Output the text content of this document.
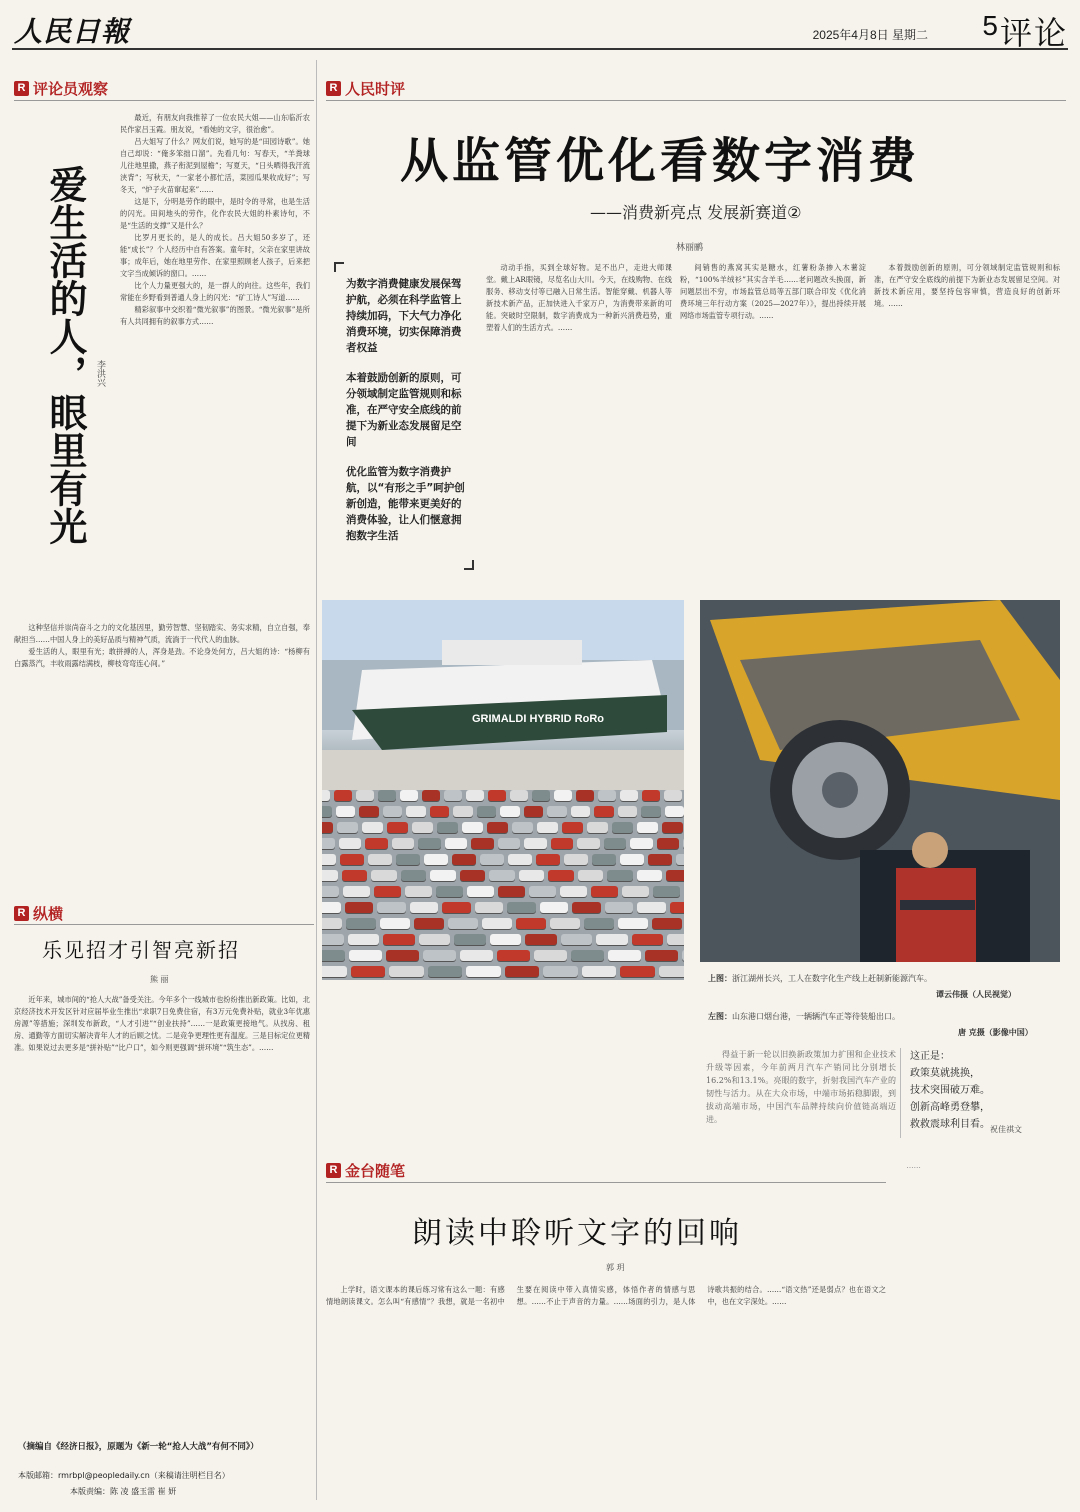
人民日報	2025年4月8日 星期二 5 评论
R 评论员观察
爱生活的人，眼里有光 李洪兴

最近，有朋友向我推荐了一位农民大姐——山东临沂农民作家吕玉霞。朋友说，“看她的文字，很治愈”。

吕大姐写了什么？网友们说，她写的是“田园诗歌”。她自己却说：“俺多笨拙口溜”。先看几句：写春天，“羊粪球儿往地里撒，燕子衔泥到屋檐”；写夏天，“日头晒得我汗流浃背”；写秋天，“一家老小都忙活，菜园瓜果收成好”；写冬天，“炉子火苗窜起来”……

这是下，分明是劳作的眼中，是时令的寻常，也是生活的闪光。田间地头的劳作，化作农民大姐的朴素诗句，不是“生活的支撑”又是什么？

比罗月更长的，是人的成长。吕大姐50多岁了，还能“成长”？个人经历中自有答案。童年时，父亲在家里讲故事；成年后，她在地里劳作、在家里照顾老人孩子，后来把文字当成倾诉的窗口。……

比个人力量更强大的，是一群人的向往。这些年，我们常能在乡野看到普通人身上的闪光：“矿工诗人”写道……

精彩叙事中交织着“微光叙事”的图景。“微光叙事”是所有人共同拥有的叙事方式……

这种坚信并崇尚奋斗之力的文化基因里，勤劳智慧、坚韧踏实、务实求精，自立自强，奉献担当……中国人身上的美好品质与精神气质，流淌于一代代人的血脉。

爱生活的人，眼里有光；敢拼搏的人，浑身是劲。不论身处何方，吕大姐的诗：“杨柳有白露蒸汽，丰收雨露结满枝，柳枝弯弯连心间。”

R 纵横
乐见招才引智亮新招
熊 丽

近年来，城市间的“抢人大战”备受关注。今年多个一线城市也纷纷推出新政策。比如，北京经济技术开发区针对应届毕业生推出“求职7日免费住宿，有3万元免费补贴，就业3年优惠房源”等措施；深圳发布新政，“人才引进”“创业扶持”……一是政策更接地气。从找房、租房、通勤等方面切实解决青年人才的后顾之忧。二是竞争更理性更有温度。三是目标定位更精准。如果说过去更多是“拼补贴”“比户口”，如今则更强调“拼环境”“筑生态”。……

（摘编自《经济日报》，原题为《新一轮“抢人大战”有何不同》）
R 人民时评
从监管优化看数字消费
——消费新亮点 发展新赛道②
林丽鹂
为数字消费健康发展保驾护航，必须在科学监管上持续加码，下大气力净化消费环境，切实保障消费者权益
本着鼓励创新的原则，可分领域制定监管规则和标准，在严守安全底线的前提下为新业态发展留足空间
优化监管为数字消费护航，以“有形之手”呵护创新创造，能带来更美好的消费体验，让人们惬意拥抱数字生活

动动手指，买到全球好物。足不出户，走进大师课堂。戴上AR眼镜，尽览名山大川。今天，在线购物、在线服务、移动支付等已融入日常生活。智能穿戴、机器人等新技术新产品，正加快进入千家万户，为消费带来新的可能。突破时空限制，数字消费成为一种新兴消费趋势，重塑着人们的生活方式。……

间销售的燕窝其实是糖水，红薯粉条掺入木薯淀粉，“100%羊绒衫”其实含羊毛……老问题改头换面，新问题层出不穷，市场监管总局等五部门联合印发《优化消费环境三年行动方案（2025—2027年）》，提出持续开展网络市场监管专项行动。……

本着鼓励创新的原则，可分领域制定监管规则和标准，在严守安全底线的前提下为新业态发展留足空间。对新技术新应用，要坚持包容审慎，营造良好的创新环境。……

GRIMALDI HYBRID RoRo
上图：浙江湖州长兴，工人在数字化生产线上赶制新能源汽车。
谭云伟摄（人民视觉）
左图：山东港口烟台港，一辆辆汽车正等待装船出口。
唐 克摄（影像中国）

得益于新一轮以旧换新政策加力扩围和企业技术升级等因素，今年前两月汽车产销同比分别增长16.2%和13.1%。亮眼的数字，折射我国汽车产业的韧性与活力。从在大众市场，中端市场拓稳脚跟，到拔动高端市场，中国汽车品牌持续向价值链高端迈进。

这正是：
政策莫就挑换，
技术突围破万难。
创新高峰勇登攀，
救救震球利目看。 祝佳祺文
R 金台随笔
朗读中聆听文字的回响
郭 玥

上学时，语文课本的课后练习常有这么一题：有感情地朗读课文。怎么叫“有感情”？我想，就是一名初中生要在阅读中带入真情实感，体悟作者的情感与思想。……不止于声音的力量。……场面的引力，是人体诗歌共振的结合。……“语文热”还是弱点？也在语文之中，也在文字深处。……

……

本版邮箱：rmrbpl@peopledaily.cn（来稿请注明栏目名）
本版责编：陈 凌 盛玉雷 崔 妍
